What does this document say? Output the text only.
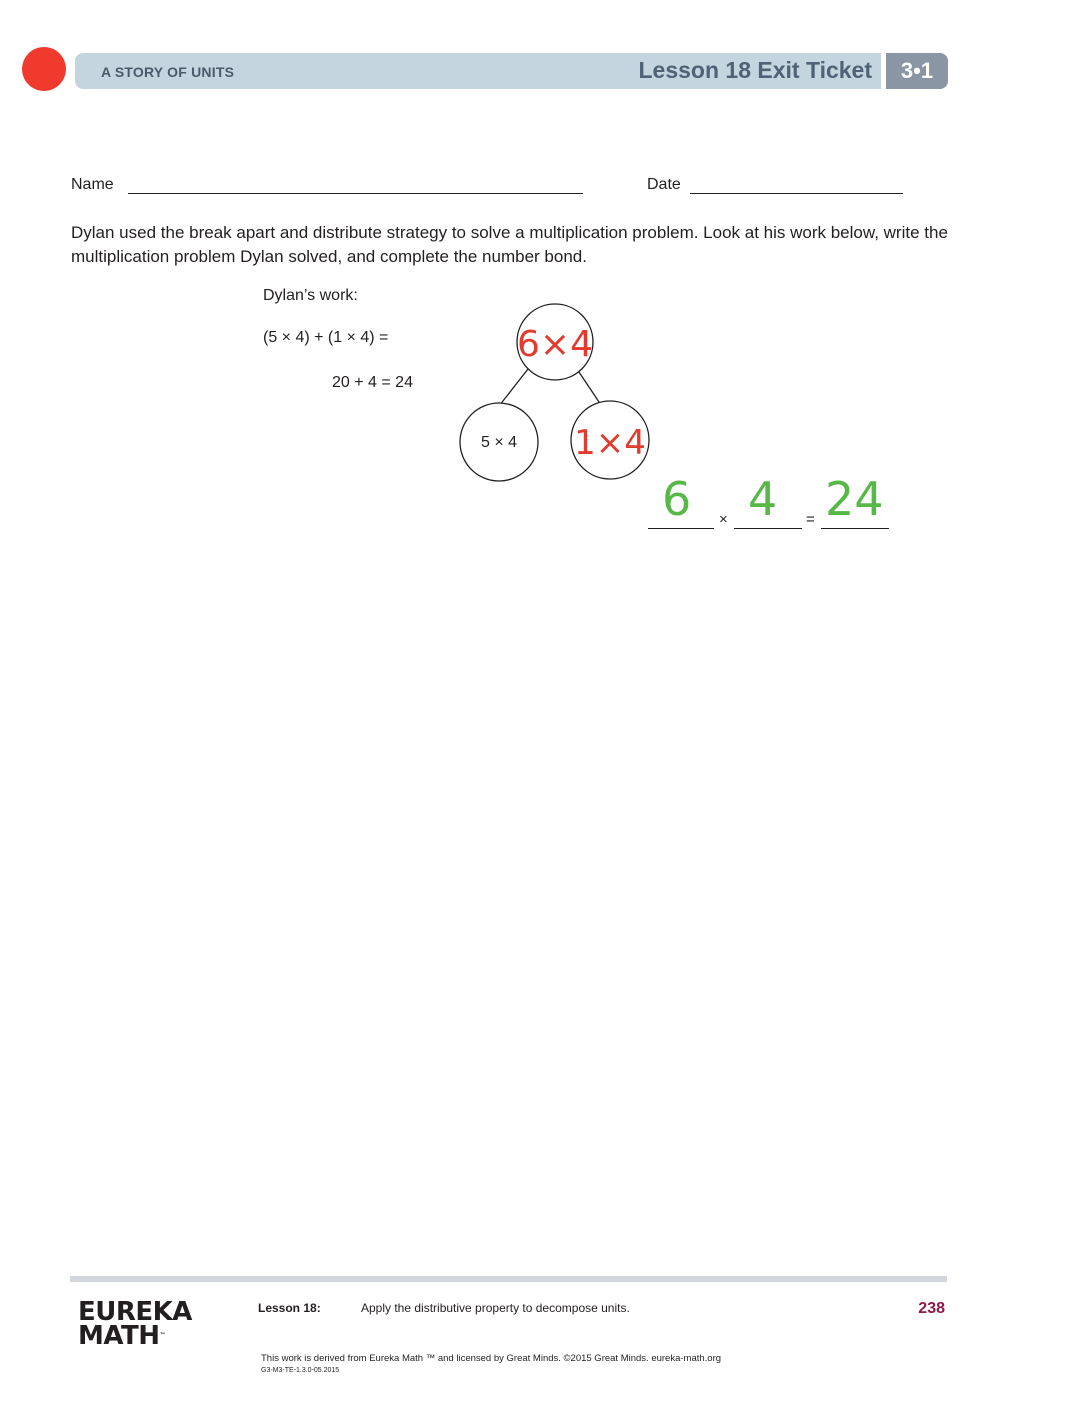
A STORY OF UNITS	Lesson 18 Exit Ticket	3•1
Name	Date
Dylan used the break apart and distribute strategy to solve a multiplication problem. Look at his work below, write the multiplication problem Dylan solved, and complete the number bond.
Dylan’s work:
(5 × 4) + (1 × 4) =
20 + 4 = 24
6×4
5 × 4 1×4
6 × 4 = 24
EUREKA
MATH™
Lesson 18:	Apply the distributive property to decompose units.	238
This work is derived from Eureka Math ™ and licensed by Great Minds. ©2015 Great Minds. eureka-math.org
G3-M3-TE-1.3.0-05.2015
